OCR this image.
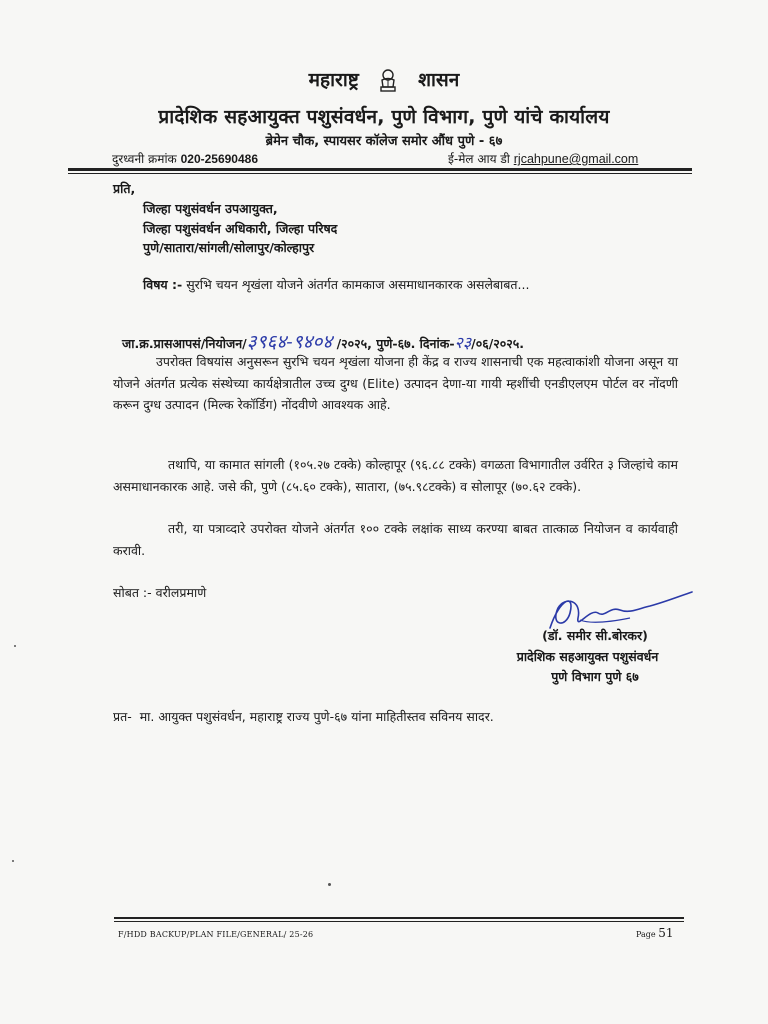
महाराष्ट्र	शासन
प्रादेशिक सहआयुक्त पशुसंवर्धन, पुणे विभाग, पुणे यांचे कार्यालय
ब्रेमेन चौक, स्पायसर कॉलेज समोर औंध पुणे - ६७
दुरध्वनी क्रमांक 020-25690486	ई-मेल आय डी rjcahpune@gmail.com
प्रति,
जिल्हा पशुसंवर्धन उपआयुक्त,
जिल्हा पशुसंवर्धन अधिकारी, जिल्हा परिषद
पुणे/सातारा/सांगली/सोलापुर/कोल्हापुर
विषय :- सुरभि चयन शृखंला योजने अंतर्गत कामकाज असमाधानकारक असलेबाबत...
जा.क्र.प्रासआपसं/नियोजन/३९६४-९४०४ /२०२५, पुणे-६७. दिनांक-२३/०६/२०२५.
उपरोक्त विषयांस अनुसरून सुरभि चयन शृखंला योजना ही केंद्र व राज्य शासनाची एक महत्वाकांशी योजना असून या योजने अंतर्गत प्रत्येक संस्थेच्या कार्यक्षेत्रातील उच्च दुग्ध (Elite) उत्पादन देणा-या गायी म्हशींची एनडीएलएम पोर्टल वर नोंदणी करून दुग्ध उत्पादन (मिल्क रेकॉर्डिग) नोंदवीणे आवश्यक आहे.
तथापि, या कामात सांगली (१०५.२७ टक्के) कोल्हापूर (९६.८८ टक्के) वगळता विभागातील उर्वरित ३ जिल्हांचे काम असमाधानकारक आहे. जसे की, पुणे (८५.६० टक्के), सातारा, (७५.९८टक्के) व सोलापूर (७०.६२ टक्के).
तरी, या पत्राव्दारे उपरोक्त योजने अंतर्गत १०० टक्के लक्षांक साध्य करण्या बाबत तात्काळ नियोजन व कार्यवाही करावी.
सोबत :- वरीलप्रमाणे
(डॉ. समीर सी.बोरकर)
प्रादेशिक सहआयुक्त पशुसंवर्धन
पुणे विभाग पुणे ६७
प्रत- मा. आयुक्त पशुसंवर्धन, महाराष्ट्र राज्य पुणे-६७ यांना माहितीस्तव सविनय सादर.
F/HDD BACKUP/PLAN FILE/GENERAL/ 25-26	Page 51
